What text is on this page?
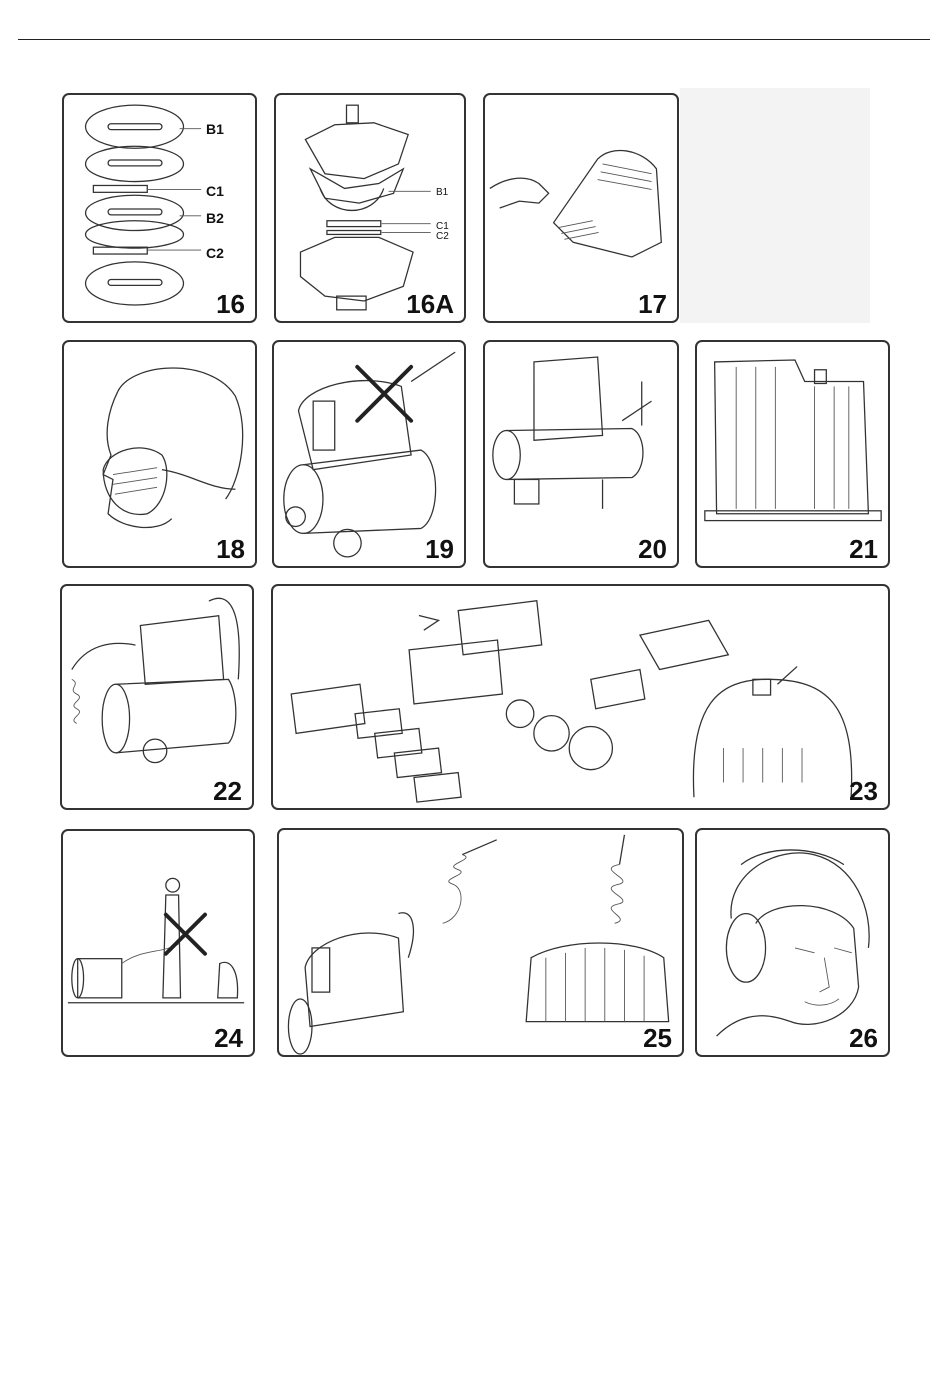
B1
C1
B2
C2
16
B1
C1
C2
16A	17
18	19	20	21
22	23
24	25	26
